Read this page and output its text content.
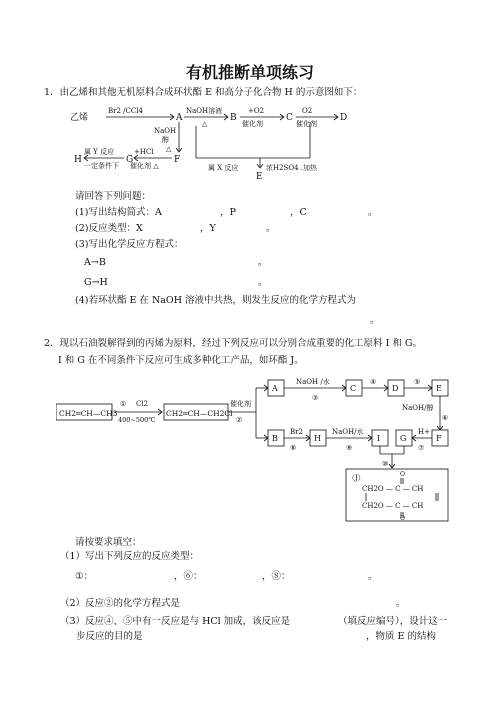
有机推断单项练习
1．由乙烯和其他无机原料合成环状酯 E 和高分子化合物 H 的示意图如下：
乙烯
Br2 /CCl4
A
NaOH溶液
△
B
+O2
催化剂
C
O2
催化剂
D
NaOH
醇
△
F
+HCl
催化剂 △
G
属 Y 反应
一定条件下
H
属 X 反应	浓H2SO4 .加热
E
请回答下列问题：
(1)写出结构简式：A	，P	，C	。
(2)反应类型：X	，Y	。
(3)写出化学反应方程式：
A→B	。
G→H	。
(4)若环状酯 E 在 NaOH 溶液中共热，则发生反应的化学方程式为
。
2．现以石油裂解得到的丙烯为原料，经过下列反应可以分别合成重要的化工原料 I 和 G。
I 和 G 在不同条件下反应可生成多种化工产品，如环酯 J。
CH2═CH—CH3
① Cl2
400~500℃
CH2═CH—CH2Cl
催化剂
②
A
NaOH /水
③
C
④
D
⑤
E
NaOH/醇
⑥
B
Br2
⑧
H
NaOH/水
⑨
I G
H+
⑦
F
⑩
（J）	O
CH2O — C — CH
CH2O — C — CH
O
请按要求填空：
（1）写出下列反应的反应类型：
①：	，⑥：	，⑧：	。
（2）反应②的化学方程式是	。
（3）反应④、⑤中有一反应是与 HCl 加成，该反应是	（填反应编号），设计这一
步反应的目的是	，物质 E 的结构
